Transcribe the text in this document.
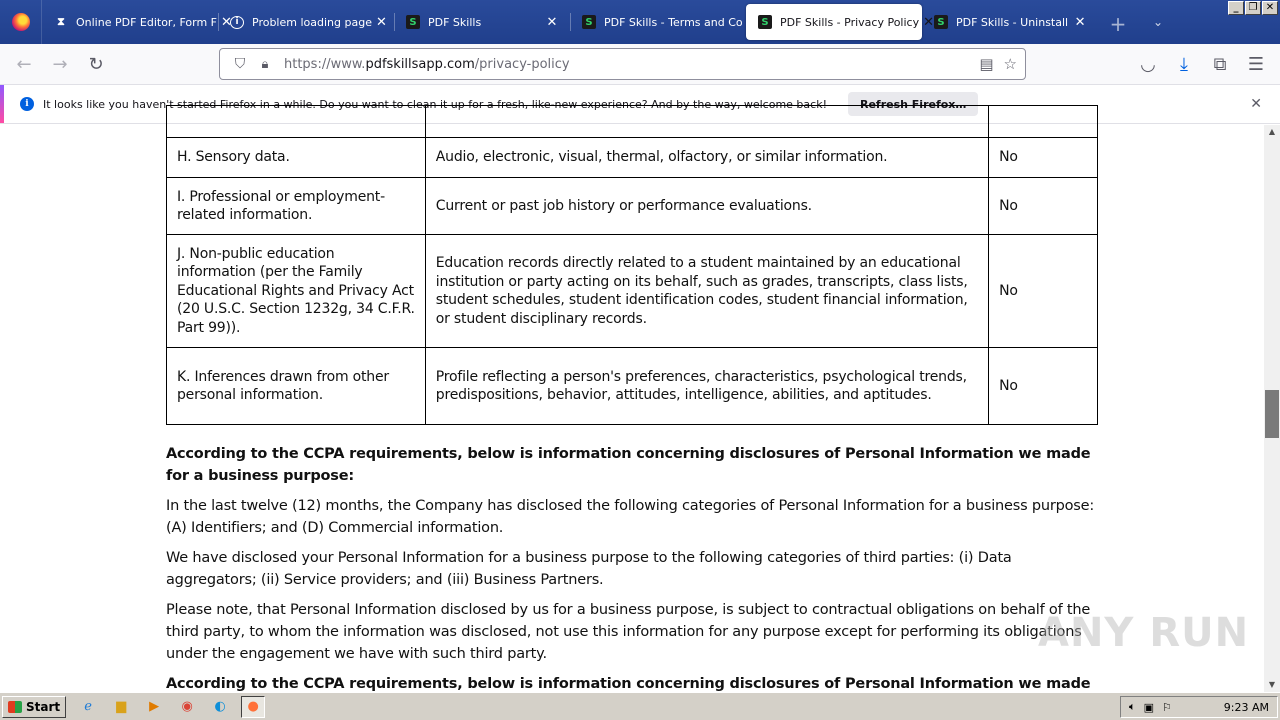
⧗ Online PDF Editor, Form F ✕ i	Problem loading page ✕	S	PDF Skills	✕	S	PDF Skills - Terms and Co	S	PDF Skills - Privacy Policy ✕ S	PDF Skills - Uninstall ✕	+	⌄
_	❐ ✕
←	→	↻	⛉	🔒︎	https://www.pdfskillsapp.com/privacy-policy	▤ ☆	◡	⤓	⧉	☰
i	It looks like you haven't started Firefox in a while. Do you want to clean it up for a fresh, like-new experience? And by the way, welcome back!	Refresh Firefox…	✕

H. Sensory data.	Audio, electronic, visual, thermal, olfactory, or similar information.	No
I. Professional or employment-related information.	Current or past job history or performance evaluations.	No
J. Non-public education information (per the Family Educational Rights and Privacy Act (20 U.S.C. Section 1232g, 34 C.F.R. Part 99)).	Education records directly related to a student maintained by an educational institution or party acting on its behalf, such as grades, transcripts, class lists, student schedules, student identification codes, student financial information, or student disciplinary records.	No
K. Inferences drawn from other personal information.	Profile reflecting a person's preferences, characteristics, psychological trends, predispositions, behavior, attitudes, intelligence, abilities, and aptitudes.	No
According to the CCPA requirements, below is information concerning disclosures of Personal Information we made for a business purpose:
In the last twelve (12) months, the Company has disclosed the following categories of Personal Information for a business purpose: (A) Identifiers; and (D) Commercial information.
We have disclosed your Personal Information for a business purpose to the following categories of third parties: (i) Data aggregators; (ii) Service providers; and (iii) Business Partners.
Please note, that Personal Information disclosed by us for a business purpose, is subject to contractual obligations on behalf of the third party, to whom the information was disclosed, not use this information for any purpose except for performing its obligations under the engagement we have with such third party.
According to the CCPA requirements, below is information concerning disclosures of Personal Information we made
ANY RUN
▲
▼
Start	ℯ	▆	▶	◉	◐	●	🔈︎ ▣ ⚐	9:23 AM
